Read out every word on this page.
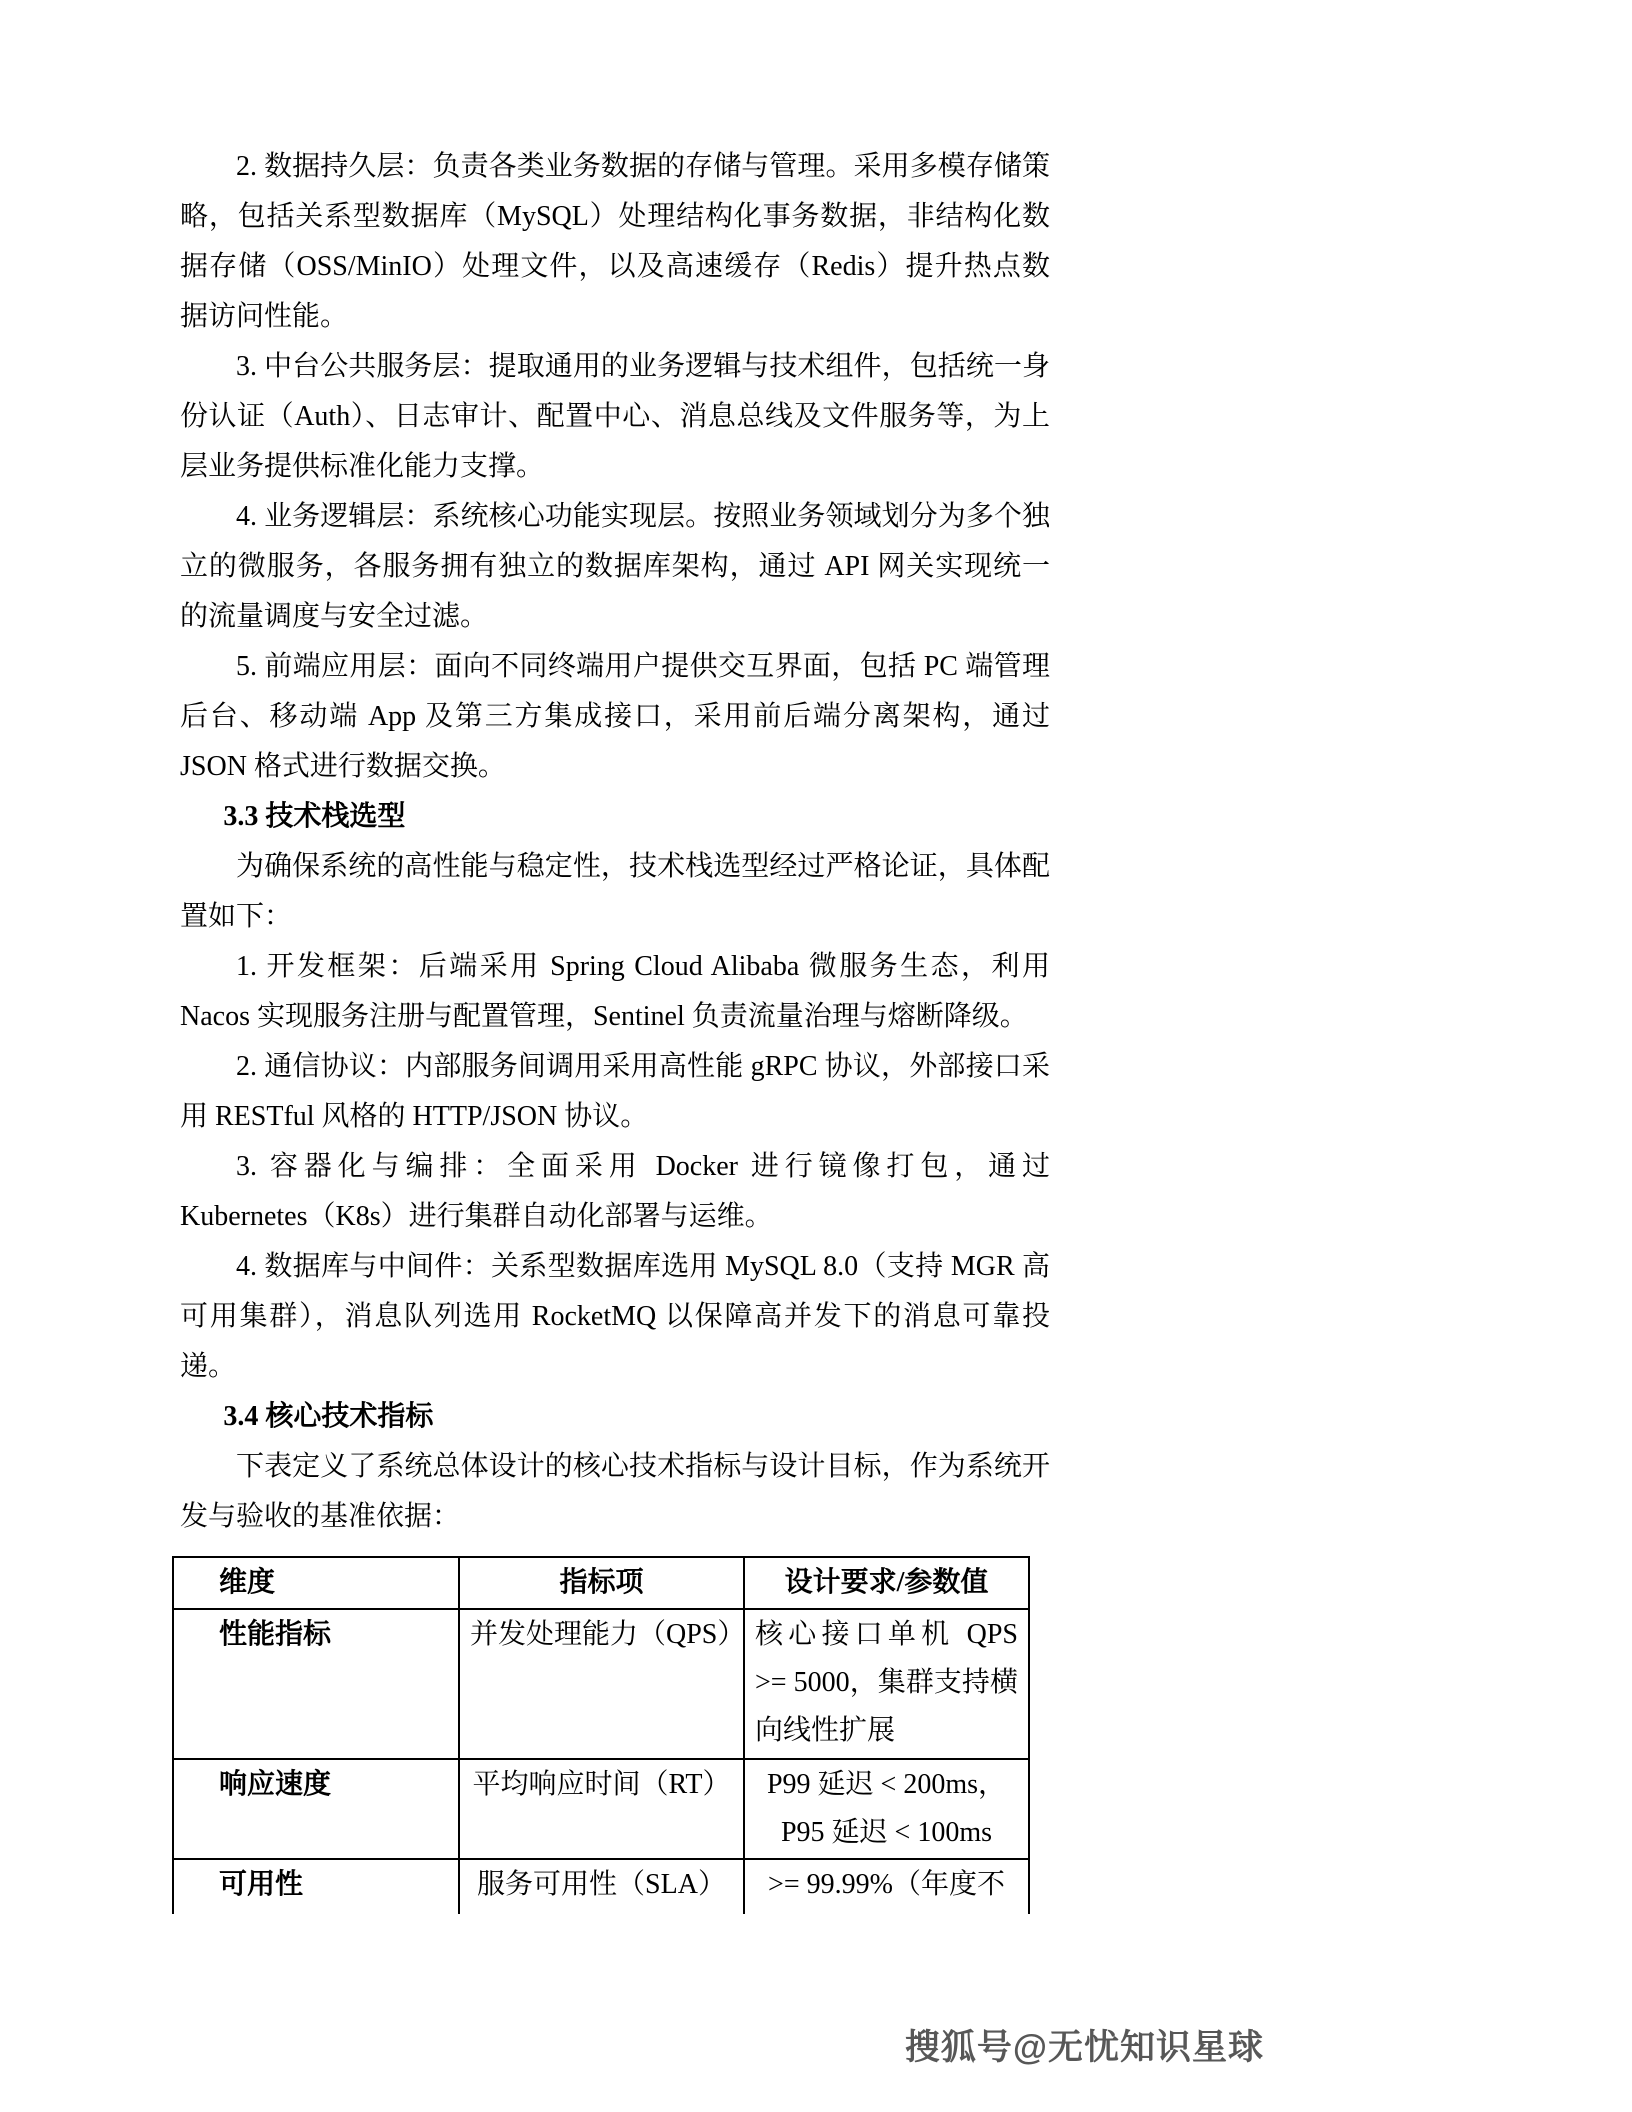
2. 数据持久层：负责各类业务数据的存储与管理。采用多模存储策略，包括关系型数据库（MySQL）处理结构化事务数据，非结构化数据存储（OSS/MinIO）处理文件，以及高速缓存（Redis）提升热点数据访问性能。

3. 中台公共服务层：提取通用的业务逻辑与技术组件，包括统一身份认证（Auth）、日志审计、配置中心、消息总线及文件服务等，为上层业务提供标准化能力支撑。

4. 业务逻辑层：系统核心功能实现层。按照业务领域划分为多个独立的微服务，各服务拥有独立的数据库架构，通过 API 网关实现统一的流量调度与安全过滤。

5. 前端应用层：面向不同终端用户提供交互界面，包括 PC 端管理后台、移动端 App 及第三方集成接口，采用前后端分离架构，通过 JSON 格式进行数据交换。

3.3 技术栈选型

为确保系统的高性能与稳定性，技术栈选型经过严格论证，具体配置如下：

1. 开发框架：后端采用 Spring Cloud Alibaba 微服务生态，利用 Nacos 实现服务注册与配置管理，Sentinel 负责流量治理与熔断降级。

2. 通信协议：内部服务间调用采用高性能 gRPC 协议，外部接口采用 RESTful 风格的 HTTP/JSON 协议。

3. 容器化与编排：全面采用 Docker 进行镜像打包，通过 Kubernetes（K8s）进行集群自动化部署与运维。

4. 数据库与中间件：关系型数据库选用 MySQL 8.0（支持 MGR 高可用集群），消息队列选用 RocketMQ 以保障高并发下的消息可靠投递。

3.4 核心技术指标

下表定义了系统总体设计的核心技术指标与设计目标，作为系统开发与验收的基准依据：

维度	指标项	设计要求/参数值
性能指标	并发处理能力（QPS）	核心接口单机 QPS >= 5000，集群支持横向线性扩展
响应速度	平均响应时间（RT）	P99 延迟 < 200ms，P95 延迟 < 100ms
可用性	服务可用性（SLA）	>= 99.99%（年度不
搜狐号@无忧知识星球
